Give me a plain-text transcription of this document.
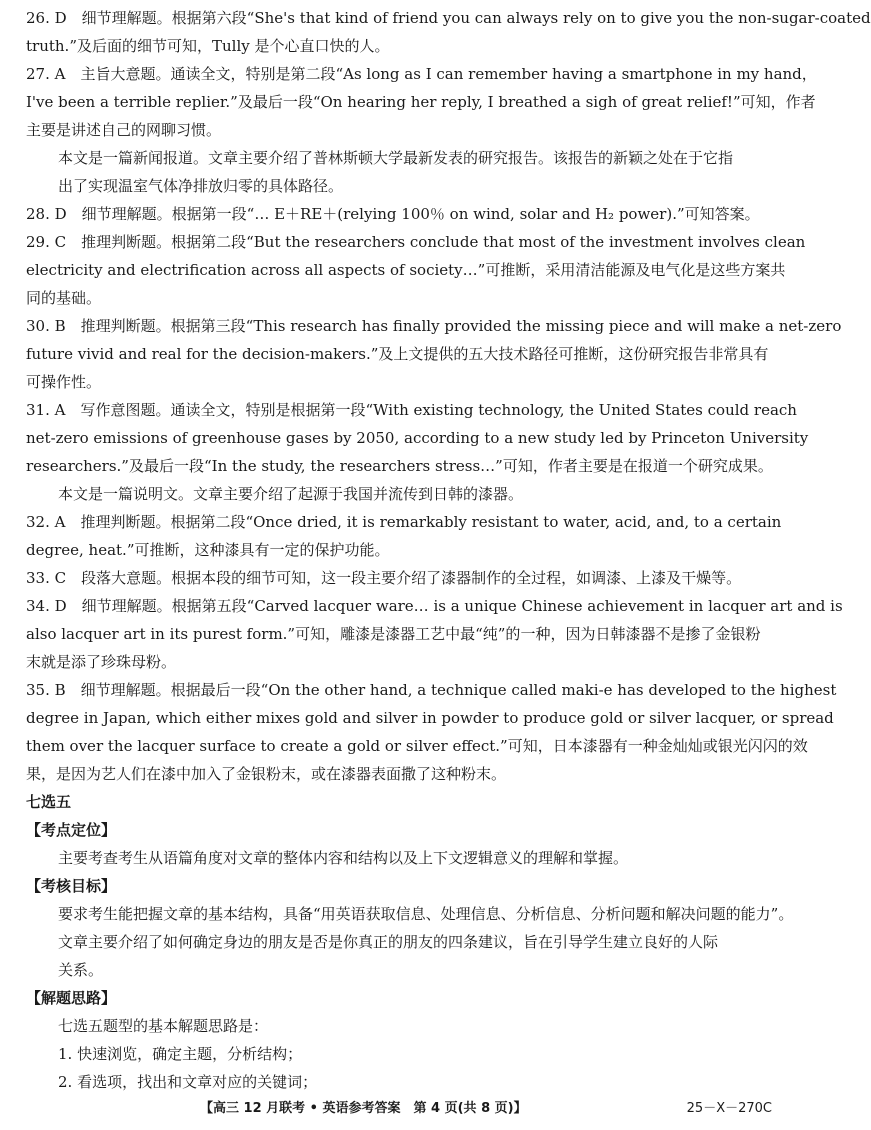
26. D　细节理解题。根据第六段“She's that kind of friend you can always rely on to give you the non-sugar-coated
truth.”及后面的细节可知，Tully 是个心直口快的人。
27. A　主旨大意题。通读全文，特别是第二段“As long as I can remember having a smartphone in my hand，
I've been a terrible replier.”及最后一段“On hearing her reply, I breathed a sigh of great relief!”可知，作者
主要是讲述自己的网聊习惯。
本文是一篇新闻报道。文章主要介绍了普林斯顿大学最新发表的研究报告。该报告的新颖之处在于它指
出了实现温室气体净排放归零的具体路径。
28. D　细节理解题。根据第一段“… E＋RE＋(relying 100％ on wind, solar and H₂ power).”可知答案。
29. C　推理判断题。根据第二段“But the researchers conclude that most of the investment involves clean
electricity and electrification across all aspects of society…”可推断，采用清洁能源及电气化是这些方案共
同的基础。
30. B　推理判断题。根据第三段“This research has finally provided the missing piece and will make a net-zero
future vivid and real for the decision-makers.”及上文提供的五大技术路径可推断，这份研究报告非常具有
可操作性。
31. A　写作意图题。通读全文，特别是根据第一段“With existing technology, the United States could reach
net-zero emissions of greenhouse gases by 2050, according to a new study led by Princeton University
researchers.”及最后一段“In the study, the researchers stress…”可知，作者主要是在报道一个研究成果。
本文是一篇说明文。文章主要介绍了起源于我国并流传到日韩的漆器。
32. A　推理判断题。根据第二段“Once dried, it is remarkably resistant to water, acid, and, to a certain
degree, heat.”可推断，这种漆具有一定的保护功能。
33. C　段落大意题。根据本段的细节可知，这一段主要介绍了漆器制作的全过程，如调漆、上漆及干燥等。
34. D　细节理解题。根据第五段“Carved lacquer ware… is a unique Chinese achievement in lacquer art and is
also lacquer art in its purest form.”可知，雕漆是漆器工艺中最“纯”的一种，因为日韩漆器不是掺了金银粉
末就是添了珍珠母粉。
35. B　细节理解题。根据最后一段“On the other hand, a technique called maki-e has developed to the highest
degree in Japan, which either mixes gold and silver in powder to produce gold or silver lacquer, or spread
them over the lacquer surface to create a gold or silver effect.”可知，日本漆器有一种金灿灿或银光闪闪的效
果，是因为艺人们在漆中加入了金银粉末，或在漆器表面撒了这种粉末。
七选五
【考点定位】
主要考查考生从语篇角度对文章的整体内容和结构以及上下文逻辑意义的理解和掌握。
【考核目标】
要求考生能把握文章的基本结构，具备“用英语获取信息、处理信息、分析信息、分析问题和解决问题的能力”。
文章主要介绍了如何确定身边的朋友是否是你真正的朋友的四条建议，旨在引导学生建立良好的人际
关系。
【解题思路】
七选五题型的基本解题思路是：
1. 快速浏览，确定主题，分析结构；
2. 看选项，找出和文章对应的关键词；
【高三 12 月联考 • 英语参考答案　第 4 页(共 8 页)】	25－X－270C
